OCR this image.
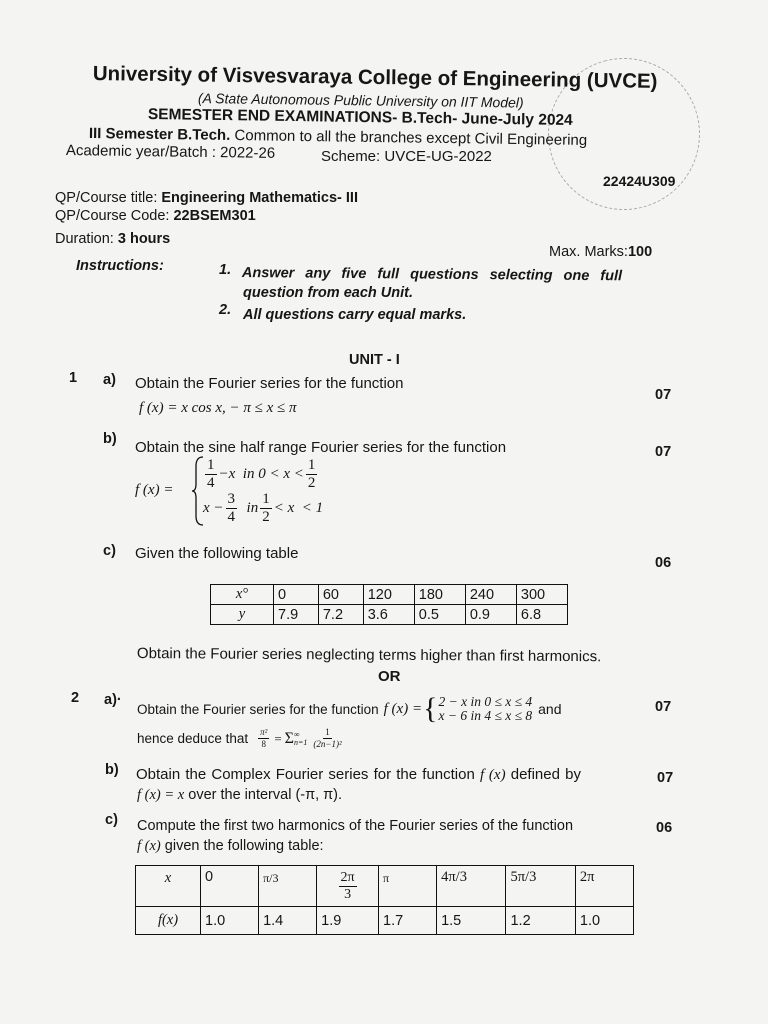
University of Visvesvaraya College of Engineering (UVCE)
(A State Autonomous Public University on IIT Model)
SEMESTER END EXAMINATIONS- B.Tech- June-July 2024
III Semester B.Tech. Common to all the branches except Civil Engineering
Academic year/Batch : 2022-26	Scheme: UVCE-UG-2022
22424U309
QP/Course title: Engineering Mathematics- III
QP/Course Code: 22BSEM301
Duration: 3 hours
Max. Marks:100
Instructions:	1. Answer any five full questions selecting one full
question from each Unit.
2. All questions carry equal marks.
UNIT - I
1 a) Obtain the Fourier series for the function
07
f (x) = x cos x, − π ≤ x ≤ π
b) Obtain the sine half range Fourier series for the function	07
f $(x) = \frac{1}{4} -x$  in $0 < x < \frac{1}{2}$
$x - \frac{3}{4}$ in $\frac{1}{2} < x < 1$
c) Given the following table
06
x°	0	60	120	180	240	300
y	7.9	7.2	3.6	0.5	0.9	6.8
Obtain the Fourier series neglecting terms higher than first harmonics.
OR
2 a)·
Obtain the Fourier series for the function f (x) = { 2 − x in 0 ≤ x ≤ 4
x − 6 in 4 ≤ x ≤ 8 and	07
hence deduce that $\frac{\text{π²}}{8} = \Sigma$ ∞
$n=1 \frac{1}{\text{(2n−1)²}}$
b) Obtain the Complex Fourier series for the function f (x) defined by	07
f (x) = x over the interval (-π, π).
c) Compute the first two harmonics of the Fourier series of the function	06
f (x) given the following table:
x	0	π/3	$\frac{2\pi}{3}$	π	4π/3	5π/3	2π
f(x)	1.0	1.4	1.9	1.7	1.5	1.2	1.0
